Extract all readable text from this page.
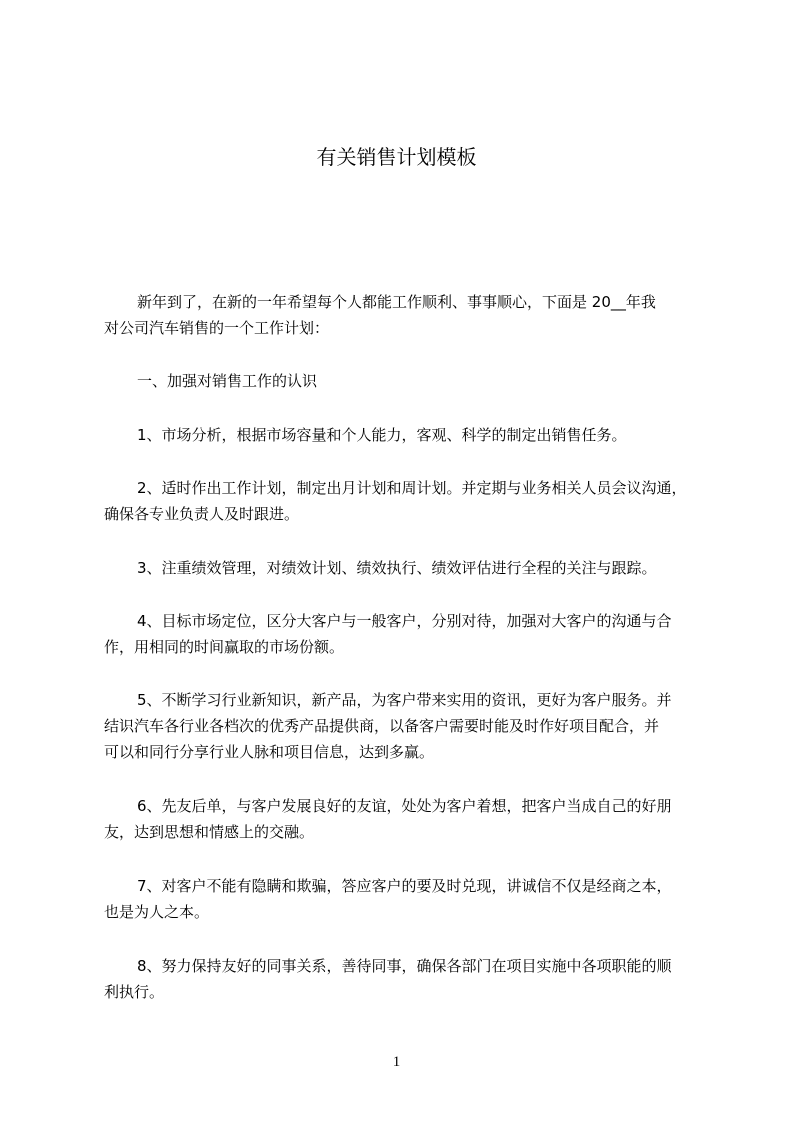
有关销售计划模板
新年到了，在新的一年希望每个人都能工作顺利、事事顺心，下面是 20__年我
对公司汽车销售的一个工作计划：
一、加强对销售工作的认识
1、市场分析，根据市场容量和个人能力，客观、科学的制定出销售任务。
2、适时作出工作计划，制定出月计划和周计划。并定期与业务相关人员会议沟通，
确保各专业负责人及时跟进。
3、注重绩效管理，对绩效计划、绩效执行、绩效评估进行全程的关注与跟踪。
4、目标市场定位，区分大客户与一般客户，分别对待，加强对大客户的沟通与合
作，用相同的时间赢取的市场份额。
5、不断学习行业新知识，新产品，为客户带来实用的资讯，更好为客户服务。并
结识汽车各行业各档次的优秀产品提供商，以备客户需要时能及时作好项目配合，并
可以和同行分享行业人脉和项目信息，达到多赢。
6、先友后单，与客户发展良好的友谊，处处为客户着想，把客户当成自己的好朋
友，达到思想和情感上的交融。
7、对客户不能有隐瞒和欺骗，答应客户的要及时兑现，讲诚信不仅是经商之本，
也是为人之本。
8、努力保持友好的同事关系，善待同事，确保各部门在项目实施中各项职能的顺
利执行。
1
